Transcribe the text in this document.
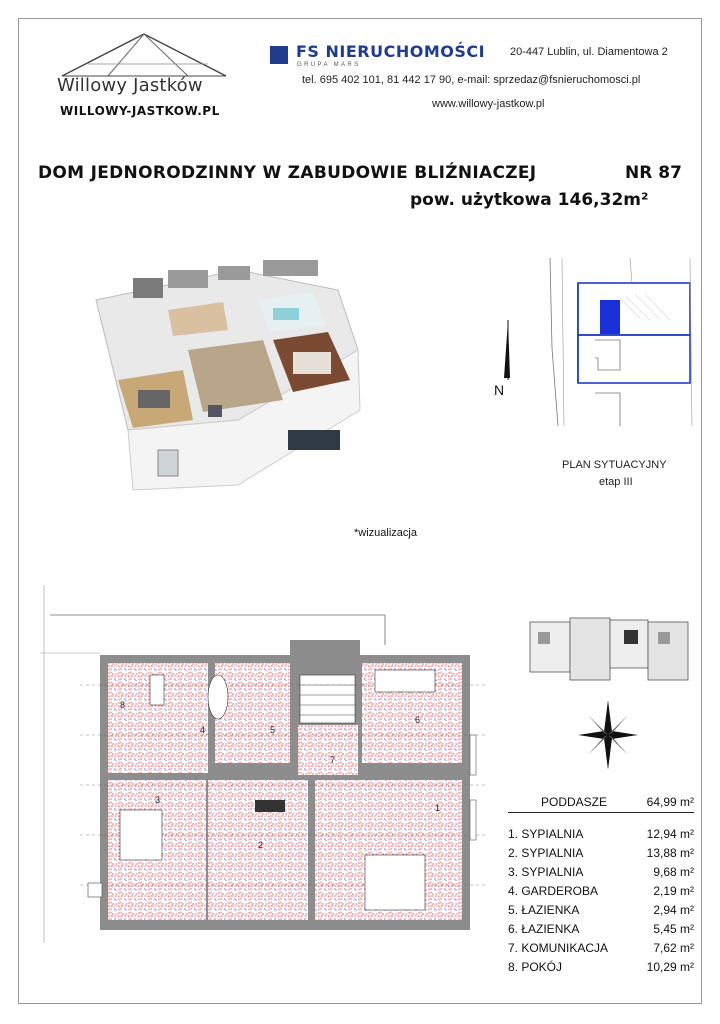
Willowy Jastków
WILLOWY-JASTKOW.PL
FS NIERUCHOMOŚCI
GRUPA MARS
20-447 Lublin, ul. Diamentowa 2
tel. 695 402 101, 81 442 17 90, e-mail: sprzedaz@fsnieruchomosci.pl
www.willowy-jastkow.pl
DOM JEDNORODZINNY W ZABUDOWIE BLIŹNIACZEJ	NR 87
pow. użytkowa 146,32m²
*wizualizacja
N
PLAN SYTUACYJNY
etap III
PODDASZE	64,99 m²
1. SYPIALNIA	12,94 m²
2. SYPIALNIA	13,88 m²
3. SYPIALNIA	9,68 m²
4. GARDEROBA	2,19 m²
5. ŁAZIENKA	2,94 m²
6. ŁAZIENKA	5,45 m²
7. KOMUNIKACJA	7,62 m²
8. POKÓJ	10,29 m²
1
2
3
4	5
6
7
8
